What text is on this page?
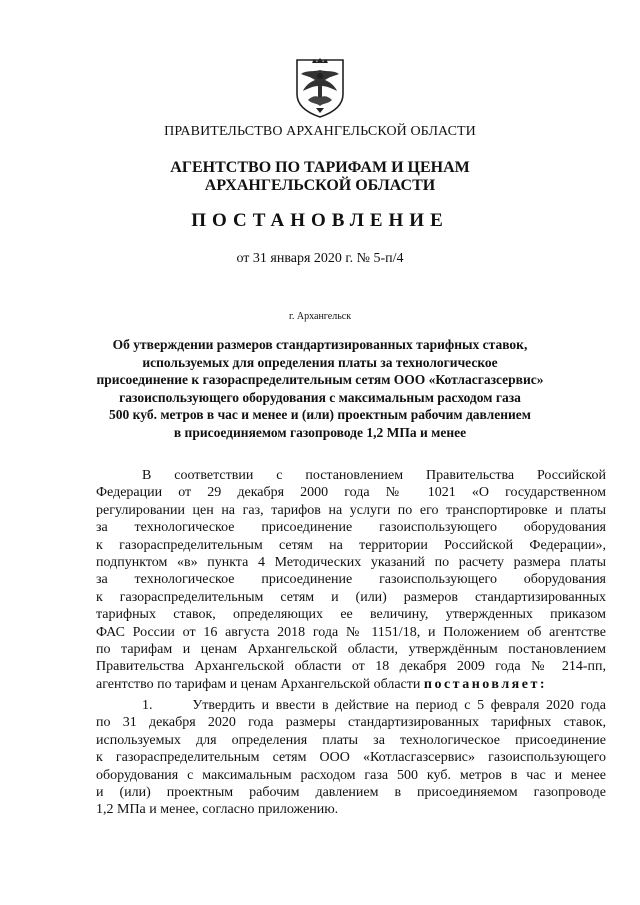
ПРАВИТЕЛЬСТВО АРХАНГЕЛЬСКОЙ ОБЛАСТИ
АГЕНТСТВО ПО ТАРИФАМ И ЦЕНАМ
АРХАНГЕЛЬСКОЙ ОБЛАСТИ
ПОСТАНОВЛЕНИЕ
от 31 января 2020 г. № 5-п/4
г. Архангельск
Об утверждении размеров стандартизированных тарифных ставок,
используемых для определения платы за технологическое
присоединение к газораспределительным сетям ООО «Котласгазсервис»
газоиспользующего оборудования с максимальным расходом газа
500 куб. метров в час и менее и (или) проектным рабочим давлением
в присоединяемом газопроводе 1,2 МПа и менее
В соответствии с постановлением Правительства Российской
Федерации от 29 декабря 2000 года № 1021 «О государственном
регулировании цен на газ, тарифов на услуги по его транспортировке и платы
за технологическое присоединение газоиспользующего оборудования
к газораспределительным сетям на территории Российской Федерации»,
подпунктом «в» пункта 4 Методических указаний по расчету размера платы
за технологическое присоединение газоиспользующего оборудования
к газораспределительным сетям и (или) размеров стандартизированных
тарифных ставок, определяющих ее величину, утвержденных приказом
ФАС России от 16 августа 2018 года № 1151/18, и Положением об агентстве
по тарифам и ценам Архангельской области, утверждённым постановлением
Правительства Архангельской области от 18 декабря 2009 года № 214-пп,
агентство по тарифам и ценам Архангельской области постановляет:
1.      Утвердить и ввести в действие на период с 5 февраля 2020 года
по 31 декабря 2020 года размеры стандартизированных тарифных ставок,
используемых для определения платы за технологическое присоединение
к газораспределительным сетям ООО «Котласгазсервис» газоиспользующего
оборудования с максимальным расходом газа 500 куб. метров в час и менее
и (или) проектным рабочим давлением в присоединяемом газопроводе
1,2 МПа и менее, согласно приложению.
